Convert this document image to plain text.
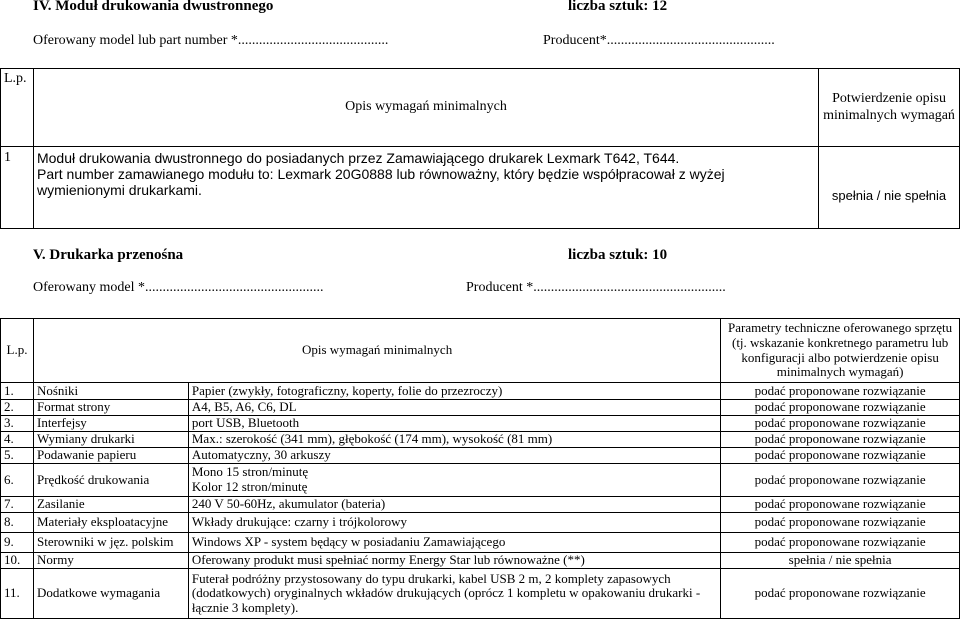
IV. Moduł drukowania dwustronnego	liczba sztuk: 12
Oferowany model lub part number *...........................................	Producent*................................................
L.p.	Opis wymagań minimalnych	Potwierdzenie opisu minimalnych wymagań
1	Moduł drukowania dwustronnego do posiadanych przez Zamawiającego drukarek Lexmark T642, T644.
Part number zamawianego modułu to: Lexmark 20G0888 lub równoważny, który będzie współpracował z wyżej wymienionymi drukarkami.	spełnia / nie spełnia
V. Drukarka przenośna	liczba sztuk: 10
Oferowany model *...................................................	Producent *.......................................................
L.p.	Opis wymagań minimalnych		Parametry techniczne oferowanego sprzętu (tj. wskazanie konkretnego parametru lub konfiguracji albo potwierdzenie opisu minimalnych wymagań)
1.	Nośniki	Papier (zwykły, fotograficzny, koperty, folie do przezroczy)	podać proponowane rozwiązanie
2.	Format strony	A4, B5, A6, C6, DL	podać proponowane rozwiązanie
3.	Interfejsy	port USB, Bluetooth	podać proponowane rozwiązanie
4.	Wymiany drukarki	Max.: szerokość (341 mm), głębokość (174 mm), wysokość (81 mm)	podać proponowane rozwiązanie
5.	Podawanie papieru	Automatyczny, 30 arkuszy	podać proponowane rozwiązanie
6.	Prędkość drukowania	Mono 15 stron/minutę
Kolor 12 stron/minutę	podać proponowane rozwiązanie
7.	Zasilanie	240 V 50-60Hz, akumulator (bateria)	podać proponowane rozwiązanie
8.	Materiały eksploatacyjne	Wkłady drukujące: czarny i trójkolorowy	podać proponowane rozwiązanie
9.	Sterowniki w jęz. polskim	Windows XP - system będący w posiadaniu Zamawiającego	podać proponowane rozwiązanie
10.	Normy	Oferowany produkt musi spełniać normy Energy Star lub równoważne (**)	spełnia / nie spełnia
11.	Dodatkowe wymagania	Futerał podróżny przystosowany do typu drukarki, kabel USB 2 m, 2 komplety zapasowych (dodatkowych) oryginalnych wkładów drukujących (oprócz 1 kompletu w opakowaniu drukarki - łącznie 3 komplety).	podać proponowane rozwiązanie
